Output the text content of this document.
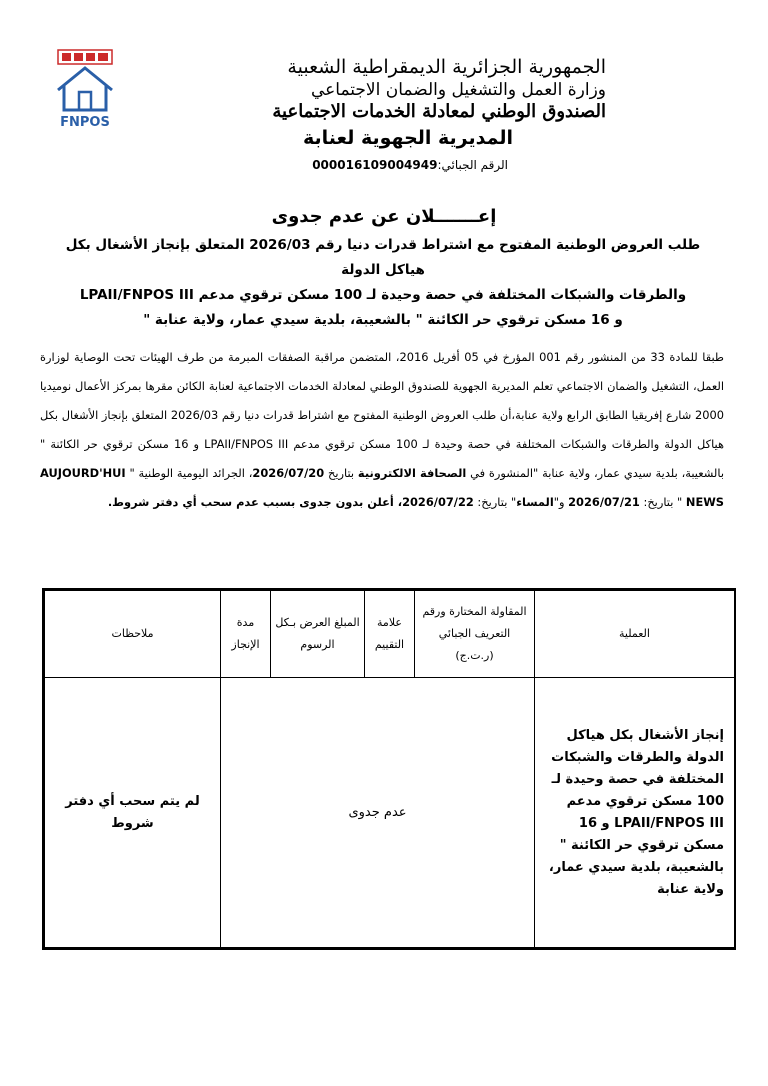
FNPOS
الجمهورية الجزائرية الديمقراطية الشعبية
وزارة العمل والتشغيل والضمان الاجتماعي
الصندوق الوطني لمعادلة الخدمات الاجتماعية
المديرية الجهوية لعنابة
الرقم الجبائي:000016109004949
إعـــــــلان عن عدم جدوى
طلب العروض الوطنية المفتوح مع اشتراط قدرات دنيا رقم 2026/03 المتعلق بإنجاز الأشغال بكل هياكل الدولة
والطرقات والشبكات المختلفة في حصة وحيدة لـ 100 مسكن ترقوي مدعم LPAII/FNPOS III
و 16 مسكن ترقوي حر الكائنة " بالشعيبة، بلدية سيدي عمار، ولاية عنابة "
طبقا للمادة 33 من المنشور رقم 001 المؤرخ في 05 أفريل 2016، المتضمن مراقبة الصفقات المبرمة من طرف الهيئات تحت الوصاية لوزارة العمل، التشغيل والضمان الاجتماعي تعلم المديرية الجهوية للصندوق الوطني لمعادلة الخدمات الاجتماعية لعنابة الكائن مقرها بمركز الأعمال نوميديا 2000 شارع إفريقيا الطابق الرابع ولاية عنابة،أن طلب العروض الوطنية المفتوح مع اشتراط قدرات دنيا رقم 2026/03 المتعلق بإنجاز الأشغال بكل هياكل الدولة والطرقات والشبكات المختلفة في حصة وحيدة لـ 100 مسكن ترقوي مدعم LPAII/FNPOS III و 16 مسكن ترقوي حر الكائنة " بالشعيبة، بلدية سيدي عمار، ولاية عنابة "المنشورة في الصحافة الالكترونية بتاريخ 2026/07/20، الجرائد اليومية الوطنية " AUJOURD'HUI NEWS " بتاريخ: 2026/07/21 و"المساء" بتاريخ: 2026/07/22، أعلن بدون جدوى بسبب عدم سحب أي دفتر شروط.
العملية	المقاولة المختارة ورقم التعريف الجبائي (ر.ت.ج)	علامة التقييم	المبلغ العرض بـكل الرسوم	مدة الإنجاز	ملاحظات
إنجاز الأشغال بكل هياكل الدولة والطرقات والشبكات المختلفة في حصة وحيدة لـ 100 مسكن ترقوي مدعم LPAII/FNPOS III و 16 مسكن ترقوي حر الكائنة " بالشعيبة، بلدية سيدي عمار، ولاية عنابة	عدم جدوى				لم يتم سحب أي دفتر شروط
